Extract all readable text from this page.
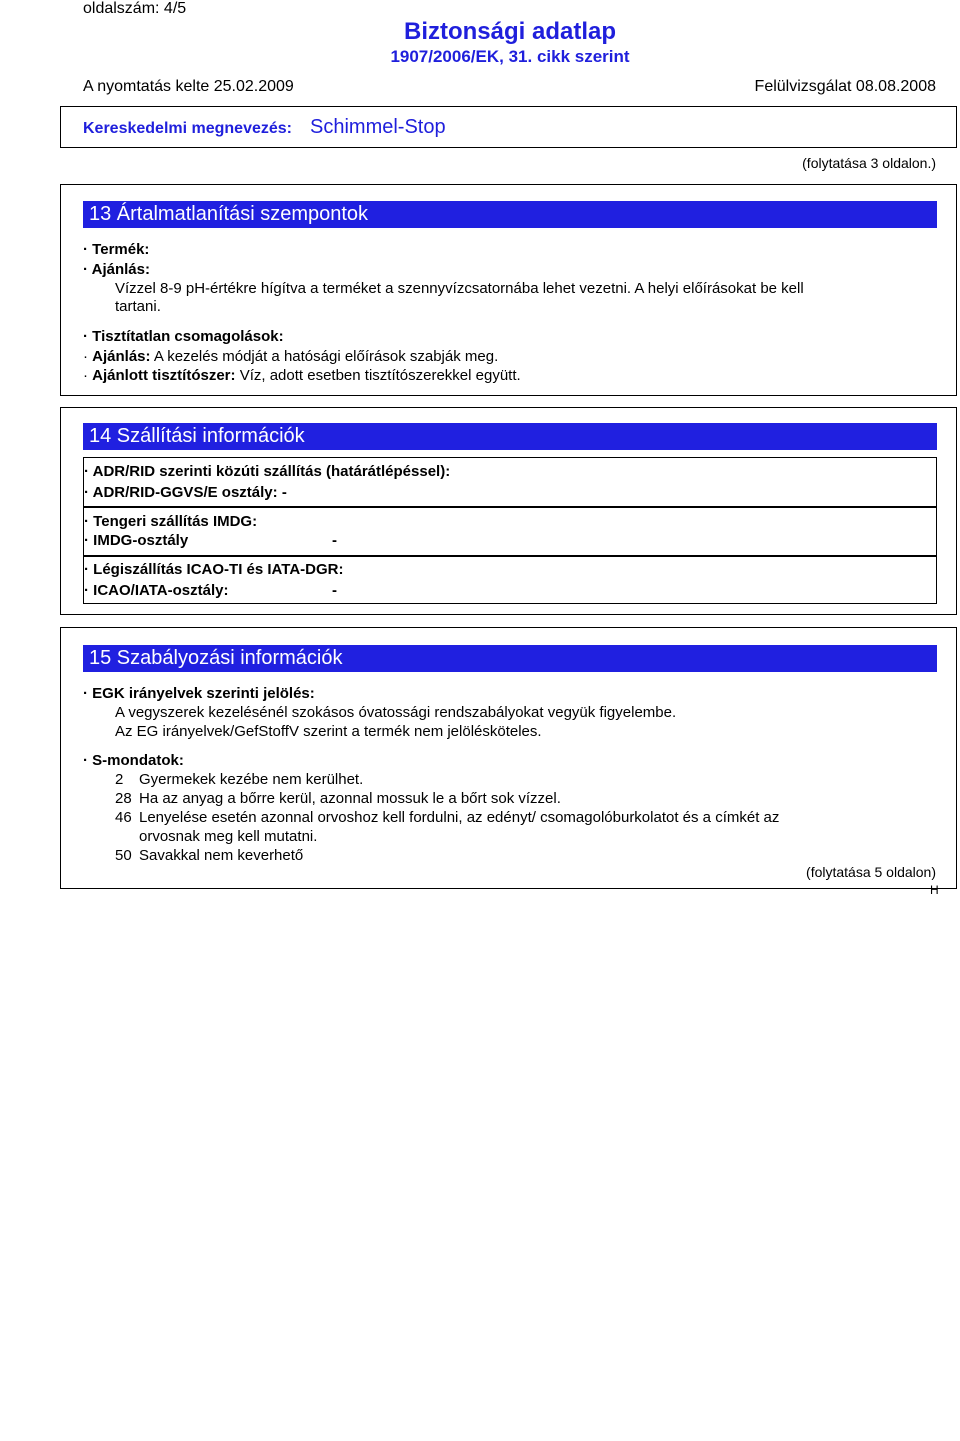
oldalszám: 4/5
Biztonsági adatlap
1907/2006/EK, 31. cikk szerint
A nyomtatás kelte 25.02.2009	Felülvizsgálat 08.08.2008
Kereskedelmi megnevezés: Schimmel-Stop
(folytatása 3 oldalon.)
13 Ártalmatlanítási szempontok
· Termék:
· Ajánlás:
Vízzel 8-9 pH-értékre hígítva a terméket a szennyvízcsatornába lehet vezetni. A helyi előírásokat be kell
tartani.
· Tisztítatlan csomagolások:
· Ajánlás: A kezelés módját a hatósági előírások szabják meg.
· Ajánlott tisztítószer: Víz, adott esetben tisztítószerekkel együtt.
14 Szállítási információk
· ADR/RID szerinti közúti szállítás (határátlépéssel):
· ADR/RID-GGVS/E osztály: -
· Tengeri szállítás IMDG:
· IMDG-osztály	-
· Légiszállítás ICAO-TI és IATA-DGR:
· ICAO/IATA-osztály:	-
15 Szabályozási információk
· EGK irányelvek szerinti jelölés:
A vegyszerek kezelésénél szokásos óvatossági rendszabályokat vegyük figyelembe.
Az EG irányelvek/GefStoffV szerint a termék nem jelölésköteles.
· S-mondatok:
2 Gyermekek kezébe nem kerülhet.
28 Ha az anyag a bőrre kerül, azonnal mossuk le a bőrt sok vízzel.
46 Lenyelése esetén azonnal orvoshoz kell fordulni, az edényt/ csomagolóburkolatot és a címkét az
orvosnak meg kell mutatni.
50 Savakkal nem keverhető
(folytatása 5 oldalon)
H
